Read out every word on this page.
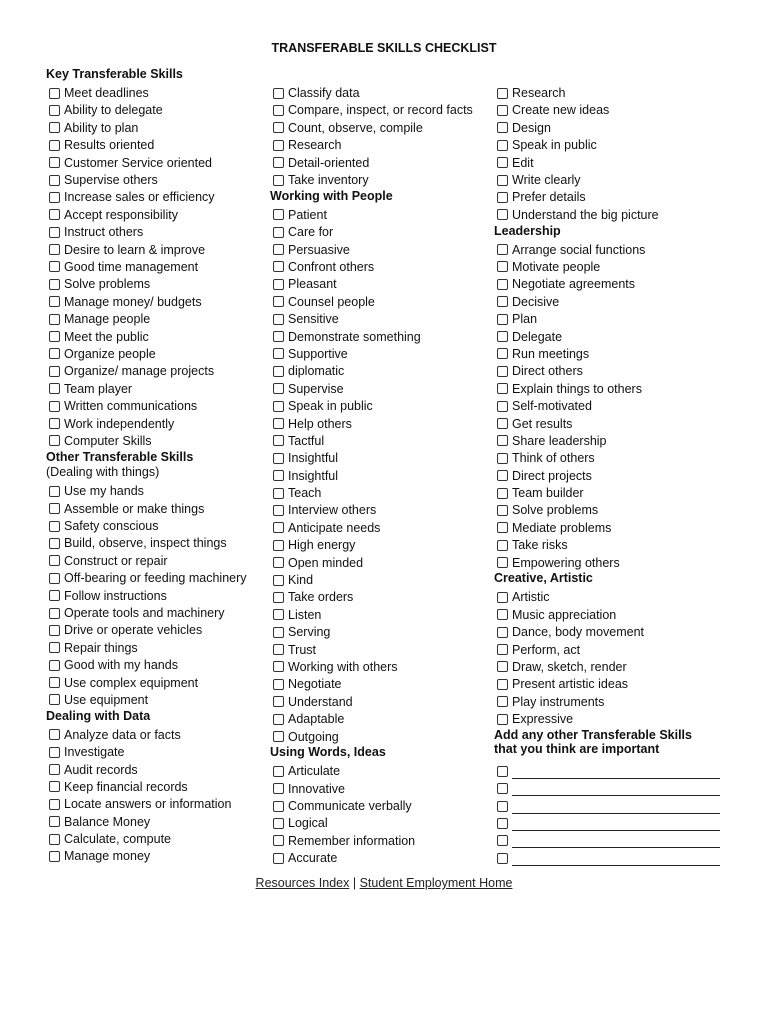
TRANSFERABLE SKILLS CHECKLIST
Key Transferable Skills
Meet deadlines
Ability to delegate
Ability to plan
Results oriented
Customer Service oriented
Supervise others
Increase sales or efficiency
Accept responsibility
Instruct others
Desire to learn & improve
Good time management
Solve problems
Manage money/ budgets
Manage people
Meet the public
Organize people
Organize/ manage projects
Team player
Written communications
Work independently
Computer Skills
Other Transferable Skills
(Dealing with things)
Use my hands
Assemble or make things
Safety conscious
Build, observe, inspect things
Construct or repair
Off-bearing or feeding machinery
Follow instructions
Operate tools and machinery
Drive or operate vehicles
Repair things
Good with my hands
Use complex equipment
Use equipment
Dealing with Data
Analyze data or facts
Investigate
Audit records
Keep financial records
Locate answers or information
Balance Money
Calculate, compute
Manage money
Classify data
Compare, inspect, or record facts
Count, observe, compile
Research
Detail-oriented
Take inventory
Working with People
Patient
Care for
Persuasive
Confront others
Pleasant
Counsel people
Sensitive
Demonstrate something
Supportive
diplomatic
Supervise
Speak in public
Help others
Tactful
Insightful
Insightful
Teach
Interview others
Anticipate needs
High energy
Open minded
Kind
Take orders
Listen
Serving
Trust
Working with others
Negotiate
Understand
Adaptable
Outgoing
Using Words, Ideas
Articulate
Innovative
Communicate verbally
Logical
Remember information
Accurate
Research
Create new ideas
Design
Speak in public
Edit
Write clearly
Prefer details
Understand the big picture
Leadership
Arrange social functions
Motivate people
Negotiate agreements
Decisive
Plan
Delegate
Run meetings
Direct others
Explain things to others
Self-motivated
Get results
Share leadership
Think of others
Direct projects
Team builder
Solve problems
Mediate problems
Take risks
Empowering others
Creative, Artistic
Artistic
Music appreciation
Dance, body movement
Perform, act
Draw, sketch, render
Present artistic ideas
Play instruments
Expressive
Add any other Transferable Skills that you think are important
Resources Index | Student Employment Home
